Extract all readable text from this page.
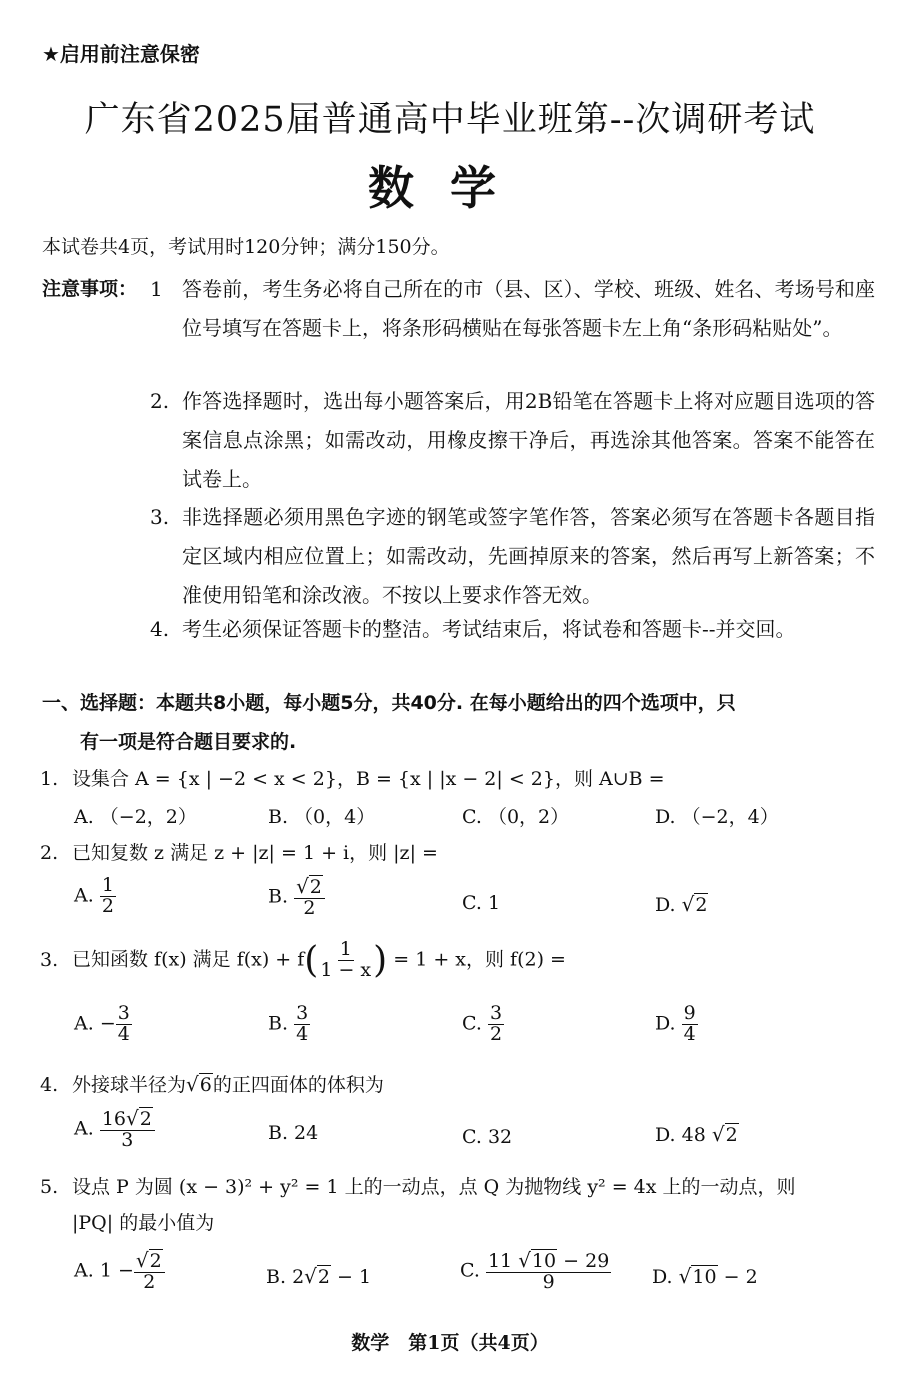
★启用前注意保密
广东省2025届普通高中毕业班第--次调研考试
数学
本试卷共4页，考试用时120分钟；满分150分。
注意事项： 1 答卷前，考生务必将自己所在的市（县、区）、学校、班级、姓名、考场号和座位号填写在答题卡上，将条形码横贴在每张答题卡左上角“条形码粘贴处”。
2. 作答选择题时，选出每小题答案后，用2B铅笔在答题卡上将对应题目选项的答案信息点涂黑；如需改动，用橡皮擦干净后，再选涂其他答案。答案不能答在试卷上。
3. 非选择题必须用黑色字迹的钢笔或签字笔作答，答案必须写在答题卡各题目指定区域内相应位置上；如需改动，先画掉原来的答案，然后再写上新答案；不准使用铅笔和涂改液。不按以上要求作答无效。
4. 考生必须保证答题卡的整洁。考试结束后，将试卷和答题卡--并交回。
一、选择题：本题共8小题，每小题5分，共40分. 在每小题给出的四个选项中，只
有一项是符合题目要求的.
1. 设集合 A = {x | −2 < x < 2}，B = {x | |x − 2| < 2}，则 A∪B =
A. （−2，2）	B. （0，4）	C. （0，2）	D. （−2，4）
2. 已知复数 z 满足 z + |z| = 1 + i，则 |z| =
A. $\frac{1}{2}$	B. $\frac{√2}{2}$	C. 1	D. √2
3. 已知函数 f(x) 满足 $f(x) + f( \frac{1}{1 - x}$ ) = 1 + x，则 f(2) =
A. − $\frac{3}{4}$	B. $\frac{3}{4}$	C. $\frac{3}{2}$	D. $\frac{9}{4}$
4. 外接球半径为√6的正四面体的体积为
A. $\frac{16√2}{3}$	B. 24	C. 32	D. 48 √2
5. 设点 P 为圆 (x − 3)² + y² = 1 上的一动点，点 Q 为抛物线 y² = 4x 上的一动点，则
|PQ| 的最小值为
A. $1 - \frac{√2}{2}$	B. 2√2 − 1	C. $\frac{11 √10 - 29}{9} D$. √10 − 2
数学　第1页（共4页）
